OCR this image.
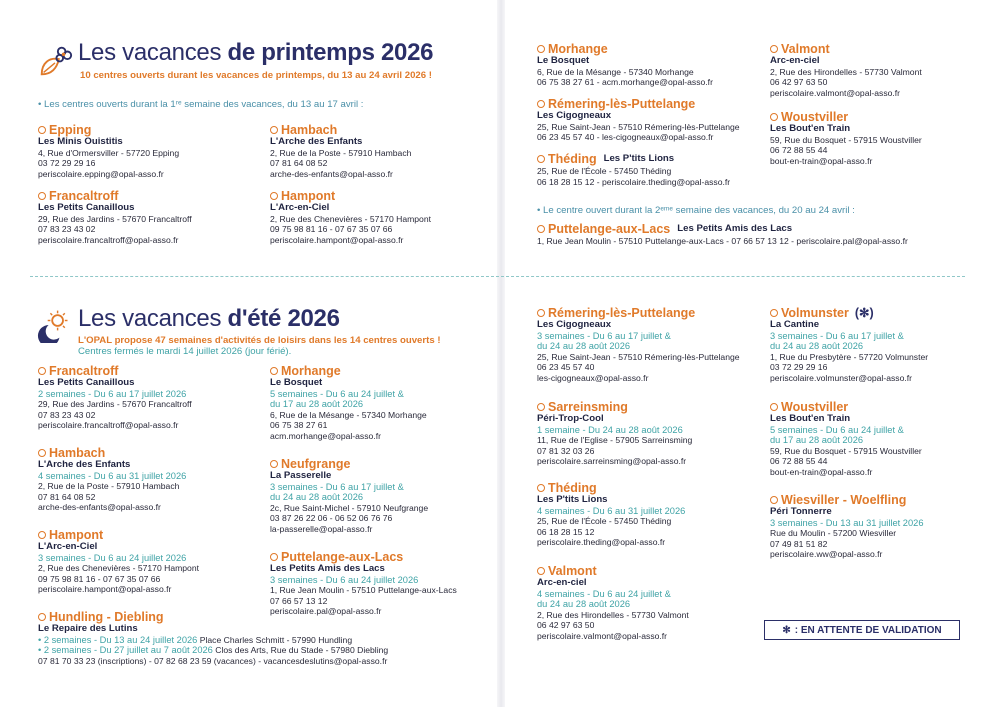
Les vacances de printemps 2026
10 centres ouverts durant les vacances de printemps, du 13 au 24 avril 2026 !
• Les centres ouverts durant la 1ʳᵉ semaine des vacances, du 13 au 17 avril :
Epping
Les Minis Ouistitis
4, Rue d'Ormersviller - 57720 Epping
03 72 29 29 16
periscolaire.epping@opal-asso.fr
Hambach
L'Arche des Enfants
2, Rue de la Poste - 57910 Hambach
07 81 64 08 52
arche-des-enfants@opal-asso.fr
Francaltroff
Les Petits Canaillous
29, Rue des Jardins - 57670 Francaltroff
07 83 23 43 02
periscolaire.francaltroff@opal-asso.fr
Hampont
L'Arc-en-Ciel
2, Rue des Chenevières - 57170 Hampont
09 75 98 81 16 - 07 67 35 07 66
periscolaire.hampont@opal-asso.fr
Morhange
Le Bosquet
6, Rue de la Mésange - 57340 Morhange
06 75 38 27 61 - acm.morhange@opal-asso.fr
Valmont
Arc-en-ciel
2, Rue des Hirondelles - 57730 Valmont
06 42 97 63 50
periscolaire.valmont@opal-asso.fr
Rémering-lès-Puttelange
Les Cigogneaux
25, Rue Saint-Jean - 57510 Rémering-lès-Puttelange
06 23 45 57 40 - les-cigogneaux@opal-asso.fr
Woustviller
Les Bout'en Train
59, Rue du Bosquet - 57915 Woustviller
06 72 88 55 44
bout-en-train@opal-asso.fr
Théding Les P'tits Lions
25, Rue de l'École - 57450 Théding
06 18 28 15 12 - periscolaire.theding@opal-asso.fr
• Le centre ouvert durant la 2ᵉᵐᵉ semaine des vacances, du 20 au 24 avril :
Puttelange-aux-Lacs Les Petits Amis des Lacs
1, Rue Jean Moulin - 57510 Puttelange-aux-Lacs - 07 66 57 13 12 - periscolaire.pal@opal-asso.fr
Les vacances d'été 2026
L'OPAL propose 47 semaines d'activités de loisirs dans les 14 centres ouverts !
Centres fermés le mardi 14 juillet 2026 (jour férié).
Francaltroff
Les Petits Canaillous
2 semaines - Du 6 au 17 juillet 2026
29, Rue des Jardins - 57670 Francaltroff
07 83 23 43 02
periscolaire.francaltroff@opal-asso.fr
Hambach
L'Arche des Enfants
4 semaines - Du 6 au 31 juillet 2026
2, Rue de la Poste - 57910 Hambach
07 81 64 08 52
arche-des-enfants@opal-asso.fr
Hampont
L'Arc-en-Ciel
3 semaines - Du 6 au 24 juillet 2026
2, Rue des Chenevières - 57170 Hampont
09 75 98 81 16 - 07 67 35 07 66
periscolaire.hampont@opal-asso.fr
Hundling - Diebling
Le Repaire des Lutins
• 2 semaines - Du 13 au 24 juillet 2026 Place Charles Schmitt - 57990 Hundling
• 2 semaines - Du 27 juillet au 7 août 2026 Clos des Arts, Rue du Stade - 57980 Diebling
07 81 70 33 23 (inscriptions) - 07 82 68 23 59 (vacances) - vacancesdeslutins@opal-asso.fr
Morhange
Le Bosquet
5 semaines - Du 6 au 24 juillet &
du 17 au 28 août 2026
6, Rue de la Mésange - 57340 Morhange
06 75 38 27 61
acm.morhange@opal-asso.fr
Neufgrange
La Passerelle
3 semaines - Du 6 au 17 juillet &
du 24 au 28 août 2026
2c, Rue Saint-Michel - 57910 Neufgrange
03 87 26 22 06 - 06 52 06 76 76
la-passerelle@opal-asso.fr
Puttelange-aux-Lacs
Les Petits Amis des Lacs
3 semaines - Du 6 au 24 juillet 2026
1, Rue Jean Moulin - 57510 Puttelange-aux-Lacs
07 66 57 13 12
periscolaire.pal@opal-asso.fr
Rémering-lès-Puttelange
Les Cigogneaux
3 semaines - Du 6 au 17 juillet &
du 24 au 28 août 2026
25, Rue Saint-Jean - 57510 Rémering-lès-Puttelange
06 23 45 57 40
les-cigogneaux@opal-asso.fr
Sarreinsming
Péri-Trop-Cool
1 semaine - Du 24 au 28 août 2026
11, Rue de l'Eglise - 57905 Sarreinsming
07 81 32 03 26
periscolaire.sarreinsming@opal-asso.fr
Théding
Les P'tits Lions
4 semaines - Du 6 au 31 juillet 2026
25, Rue de l'École - 57450 Théding
06 18 28 15 12
periscolaire.theding@opal-asso.fr
Valmont
Arc-en-ciel
4 semaines - Du 6 au 24 juillet &
du 24 au 28 août 2026
2, Rue des Hirondelles - 57730 Valmont
06 42 97 63 50
periscolaire.valmont@opal-asso.fr
Volmunster (✻)
La Cantine
3 semaines - Du 6 au 17 juillet &
du 24 au 28 août 2026
1, Rue du Presbytère - 57720 Volmunster
03 72 29 29 16
periscolaire.volmunster@opal-asso.fr
Woustviller
Les Bout'en Train
5 semaines - Du 6 au 24 juillet &
du 17 au 28 août 2026
59, Rue du Bosquet - 57915 Woustviller
06 72 88 55 44
bout-en-train@opal-asso.fr
Wiesviller - Woelfling
Péri Tonnerre
3 semaines - Du 13 au 31 juillet 2026
Rue du Moulin - 57200 Wiesviller
07 49 81 51 82
periscolaire.ww@opal-asso.fr
✻ : EN ATTENTE DE VALIDATION
